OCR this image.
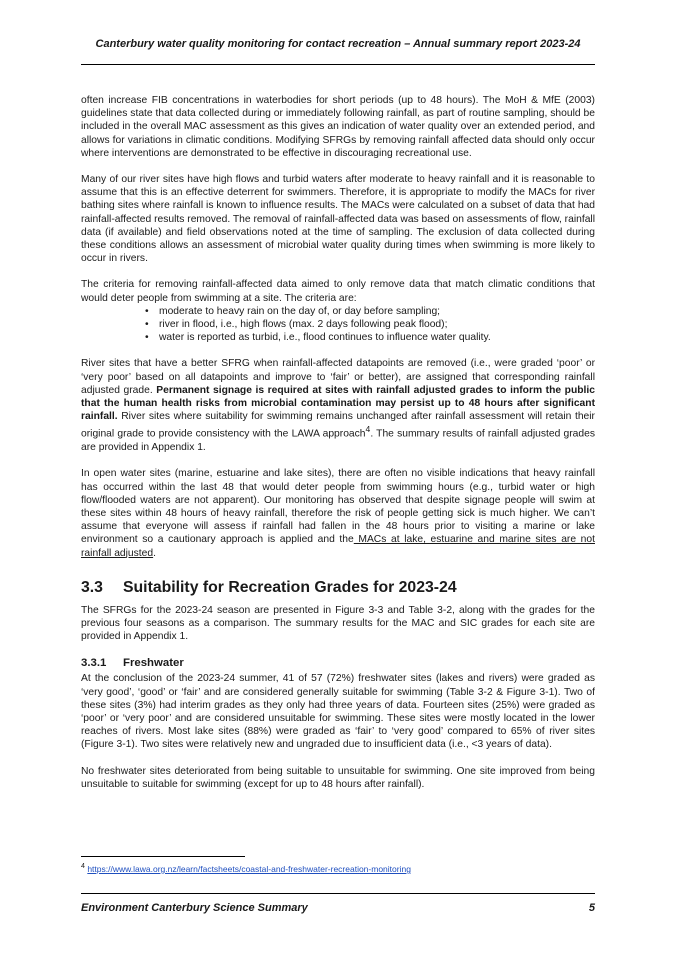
Canterbury water quality monitoring for contact recreation – Annual summary report 2023-24

often increase FIB concentrations in waterbodies for short periods (up to 48 hours). The MoH & MfE (2003) guidelines state that data collected during or immediately following rainfall, as part of routine sampling, should be included in the overall MAC assessment as this gives an indication of water quality over an extended period, and allows for variations in climatic conditions. Modifying SFRGs by removing rainfall affected data should only occur where interventions are demonstrated to be effective in discouraging recreational use.

Many of our river sites have high flows and turbid waters after moderate to heavy rainfall and it is reasonable to assume that this is an effective deterrent for swimmers. Therefore, it is appropriate to modify the MACs for river bathing sites where rainfall is known to influence results. The MACs were calculated on a subset of data that had rainfall-affected results removed. The removal of rainfall-affected data was based on assessments of flow, rainfall data (if available) and field observations noted at the time of sampling. The exclusion of data collected during these conditions allows an assessment of microbial water quality during times when swimming is more likely to occur in rivers.

The criteria for removing rainfall-affected data aimed to only remove data that match climatic conditions that would deter people from swimming at a site. The criteria are:

• moderate to heavy rain on the day of, or day before sampling;
• river in flood, i.e., high flows (max. 2 days following peak flood);
• water is reported as turbid, i.e., flood continues to influence water quality.

River sites that have a better SFRG when rainfall-affected datapoints are removed (i.e., were graded ‘poor’ or ‘very poor’ based on all datapoints and improve to ‘fair’ or better), are assigned that corresponding rainfall adjusted grade. Permanent signage is required at sites with rainfall adjusted grades to inform the public that the human health risks from microbial contamination may persist up to 48 hours after significant rainfall. River sites where suitability for swimming remains unchanged after rainfall assessment will retain their original grade to provide consistency with the LAWA approach$^4$. The summary results of rainfall adjusted grades are provided in Appendix 1.

In open water sites (marine, estuarine and lake sites), there are often no visible indications that heavy rainfall has occurred within the last 48 that would deter people from swimming hours (e.g., turbid water or high flow/flooded waters are not apparent). Our monitoring has observed that despite signage people will swim at these sites within 48 hours of heavy rainfall, therefore the risk of people getting sick is much higher. We can’t assume that everyone will assess if rainfall had fallen in the 48 hours prior to visiting a marine or lake environment so a cautionary approach is applied and the MACs at lake, estuarine and marine sites are not rainfall adjusted.

3.3 Suitability for Recreation Grades for 2023-24

The SFRGs for the 2023-24 season are presented in Figure 3-3 and Table 3-2, along with the grades for the previous four seasons as a comparison. The summary results for the MAC and SIC grades for each site are provided in Appendix 1.

3.3.1 Freshwater

At the conclusion of the 2023-24 summer, 41 of 57 (72%) freshwater sites (lakes and rivers) were graded as ‘very good’, ‘good’ or ‘fair’ and are considered generally suitable for swimming (Table 3-2 & Figure 3-1). Two of these sites (3%) had interim grades as they only had three years of data. Fourteen sites (25%) were graded as ‘poor’ or ‘very poor’ and are considered unsuitable for swimming. These sites were mostly located in the lower reaches of rivers. Most lake sites (88%) were graded as ‘fair’ to ‘very good’ compared to 65% of river sites (Figure 3-1). Two sites were relatively new and ungraded due to insufficient data (i.e., <3 years of data).

No freshwater sites deteriorated from being suitable to unsuitable for swimming. One site improved from being unsuitable to suitable for swimming (except for up to 48 hours after rainfall).

$^4$ https://www.lawa.org.nz/learn/factsheets/coastal-and-freshwater-recreation-monitoring
Environment Canterbury Science Summary	5
